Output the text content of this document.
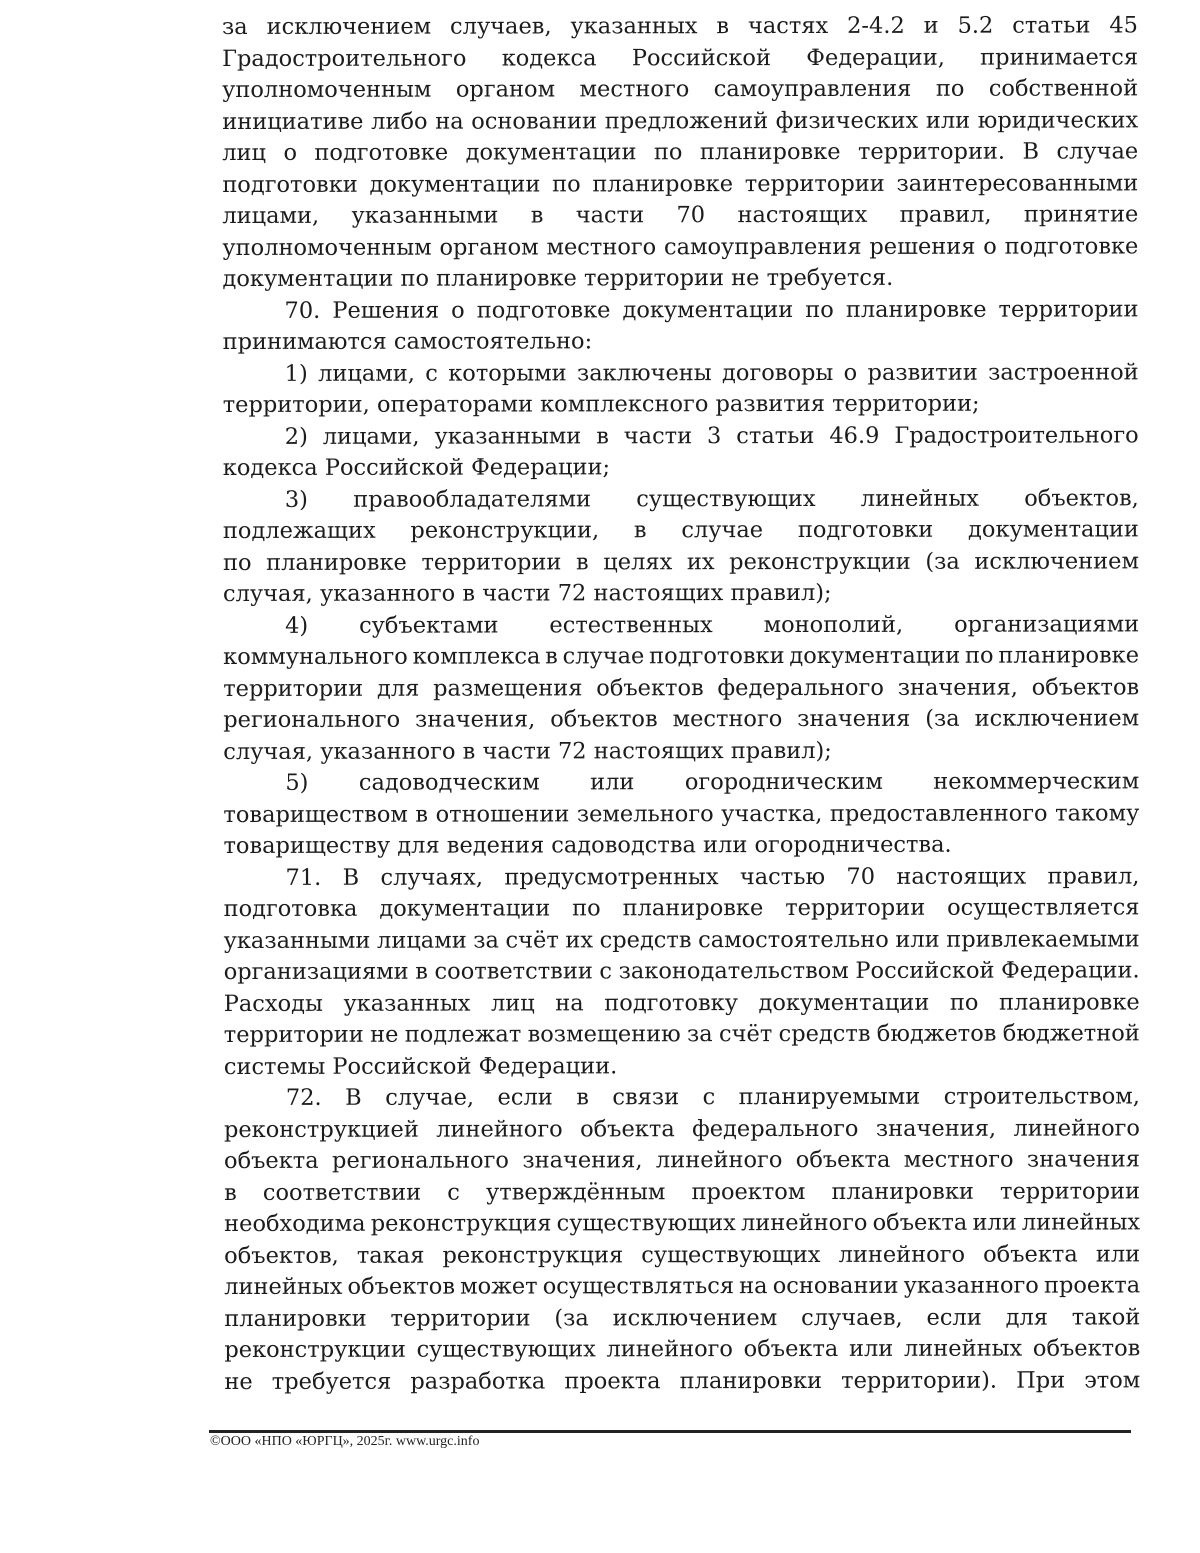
за исключением случаев, указанных в частях 2-4.2 и 5.2 статьи 45
Градостроительного кодекса Российской Федерации, принимается
уполномоченным органом местного самоуправления по собственной
инициативе либо на основании предложений физических или юридических
лиц о подготовке документации по планировке территории. В случае
подготовки документации по планировке территории заинтересованными
лицами, указанными в части 70 настоящих правил, принятие
уполномоченным органом местного самоуправления решения о подготовке
документации по планировке территории не требуется.
70. Решения о подготовке документации по планировке территории
принимаются самостоятельно:
1) лицами, с которыми заключены договоры о развитии застроенной
территории, операторами комплексного развития территории;
2) лицами, указанными в части 3 статьи 46.9 Градостроительного
кодекса Российской Федерации;
3) правообладателями существующих линейных объектов,
подлежащих реконструкции, в случае подготовки документации
по планировке территории в целях их реконструкции (за исключением
случая, указанного в части 72 настоящих правил);
4) субъектами естественных монополий, организациями
коммунального комплекса в случае подготовки документации по планировке
территории для размещения объектов федерального значения, объектов
регионального значения, объектов местного значения (за исключением
случая, указанного в части 72 настоящих правил);
5) садоводческим или огородническим некоммерческим
товариществом в отношении земельного участка, предоставленного такому
товариществу для ведения садоводства или огородничества.
71. В случаях, предусмотренных частью 70 настоящих правил,
подготовка документации по планировке территории осуществляется
указанными лицами за счёт их средств самостоятельно или привлекаемыми
организациями в соответствии с законодательством Российской Федерации.
Расходы указанных лиц на подготовку документации по планировке
территории не подлежат возмещению за счёт средств бюджетов бюджетной
системы Российской Федерации.
72. В случае, если в связи с планируемыми строительством,
реконструкцией линейного объекта федерального значения, линейного
объекта регионального значения, линейного объекта местного значения
в соответствии с утверждённым проектом планировки территории
необходима реконструкция существующих линейного объекта или линейных
объектов, такая реконструкция существующих линейного объекта или
линейных объектов может осуществляться на основании указанного проекта
планировки территории (за исключением случаев, если для такой
реконструкции существующих линейного объекта или линейных объектов
не требуется разработка проекта планировки территории). При этом
©ООО «НПО «ЮРГЦ», 2025г. www.urgc.info
